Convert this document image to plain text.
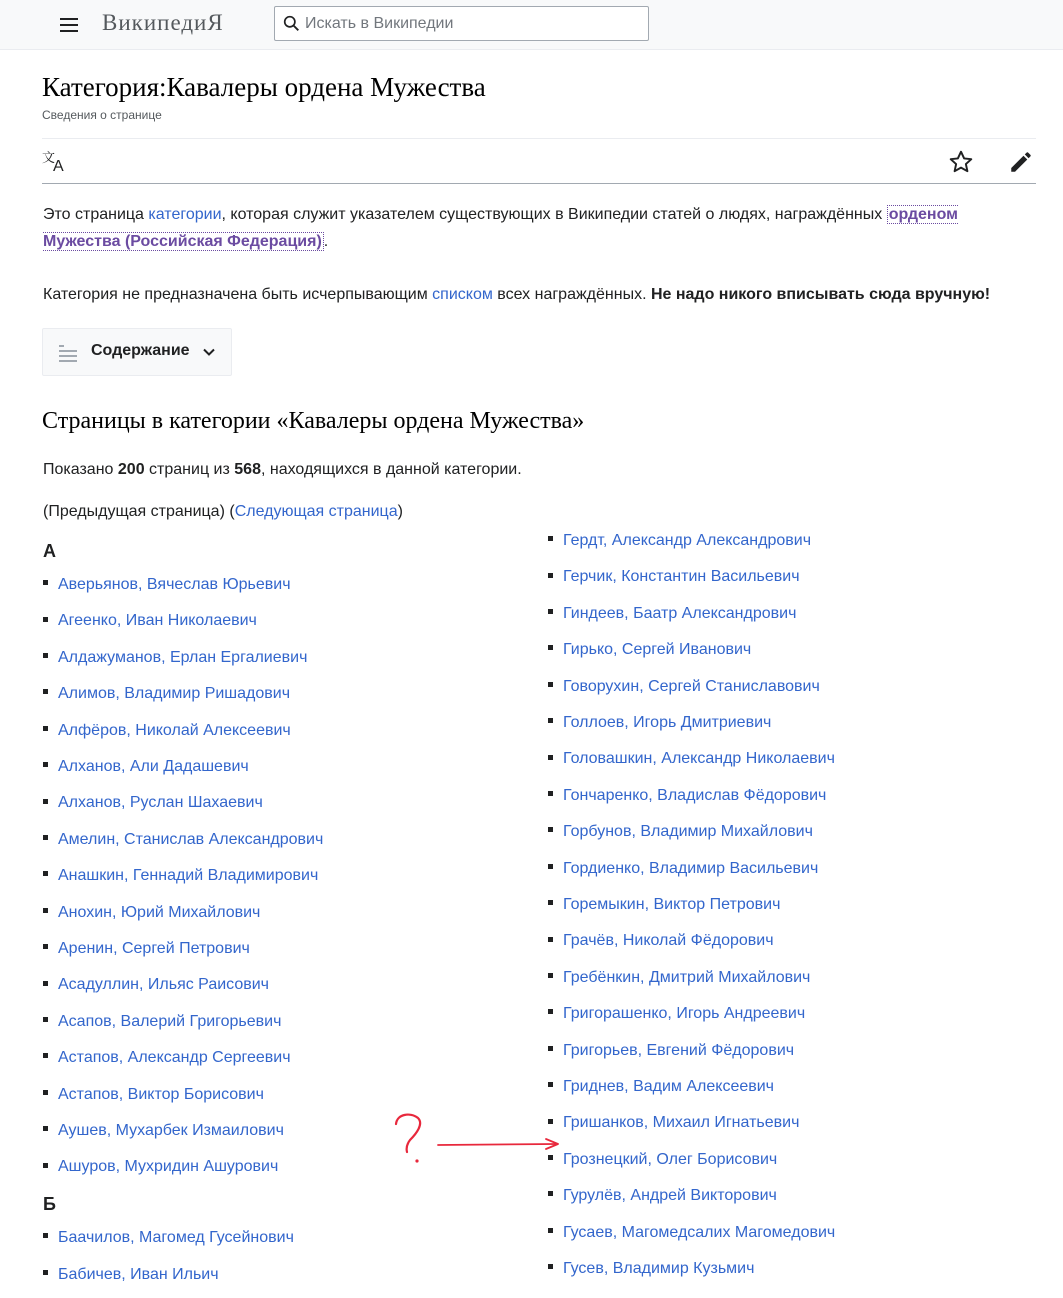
ВикипедиЯ
Искать в Википедии
Категория:Кавалеры ордена Мужества
Сведения о странице
文
A
Это страница категории, которая служит указателем существующих в Википедии статей о людях, награждённых орденом Мужества (Российская Федерация) .
Категория не предназначена быть исчерпывающим списком всех награждённых. Не надо никого вписывать сюда вручную!
Содержание
Страницы в категории «Кавалеры ордена Мужества»
Показано 200 страниц из 568, находящихся в данной категории.
(Предыдущая страница) (Следующая страница)
А
Аверьянов, Вячеслав Юрьевич
Агеенко, Иван Николаевич
Алдажуманов, Ерлан Ергалиевич
Алимов, Владимир Ришадович
Алфёров, Николай Алексеевич
Алханов, Али Дадашевич
Алханов, Руслан Шахаевич
Амелин, Станислав Александрович
Анашкин, Геннадий Владимирович
Анохин, Юрий Михайлович
Аренин, Сергей Петрович
Асадуллин, Ильяс Раисович
Асапов, Валерий Григорьевич
Астапов, Александр Сергеевич
Астапов, Виктор Борисович
Аушев, Мухарбек Измаилович
Ашуров, Мухридин Ашурович
Б
Баачилов, Магомед Гусейнович
Бабичев, Иван Ильич
Гердт, Александр Александрович
Герчик, Константин Васильевич
Гиндеев, Баатр Александрович
Гирько, Сергей Иванович
Говорухин, Сергей Станиславович
Голлоев, Игорь Дмитриевич
Головашкин, Александр Николаевич
Гончаренко, Владислав Фёдорович
Горбунов, Владимир Михайлович
Гордиенко, Владимир Васильевич
Горемыкин, Виктор Петрович
Грачёв, Николай Фёдорович
Гребёнкин, Дмитрий Михайлович
Григорашенко, Игорь Андреевич
Григорьев, Евгений Фёдорович
Гриднев, Вадим Алексеевич
Гришанков, Михаил Игнатьевич
Грознецкий, Олег Борисович
Гурулёв, Андрей Викторович
Гусаев, Магомедсалих Магомедович
Гусев, Владимир Кузьмич
